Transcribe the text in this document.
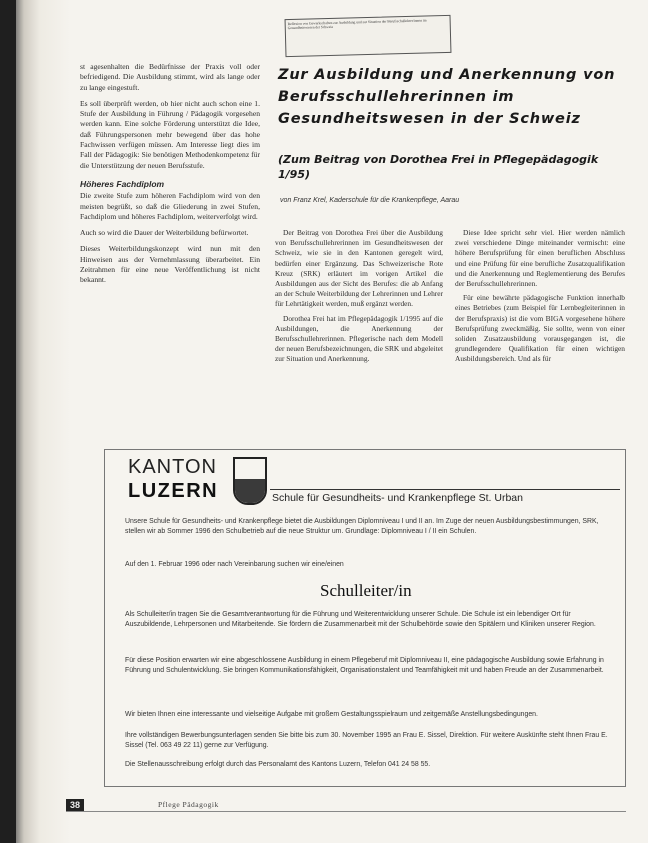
st agesenhalten die Bedürfnisse der Praxis voll oder befriedigend. Die Ausbildung stimmt, wird als lange oder zu lange eingestuft.

Es soll überprüft werden, ob hier nicht auch schon eine 1. Stufe der Ausbildung in Führung / Pädagogik vorgesehen werden kann. Eine solche Förderung unterstützt die Idee, daß Führungspersonen mehr bewegend über das hohe Fachwissen verfügen müssen. Am Interesse liegt dies im Fall der Pädagogik: Sie benötigen Methodenkompetenz für die Unterstützung der neuen Berufsstufe.

Höheres Fachdiplom

Die zweite Stufe zum höheren Fachdiplom wird von den meisten begrüßt, so daß die Gliederung in zwei Stufen, Fachdiplom und höheres Fachdiplom, weiterverfolgt wird.

Auch so wird die Dauer der Weiterbildung befürwortet.

Dieses Weiterbildungskonzept wird nun mit den Hinweisen aus der Vernehmlassung überarbeitet. Ein Zeitrahmen für eine neue Veröffentlichung ist nicht bekannt.

Reflexion von Gewerkschaften zur Ausbildung und zur Situation der Berufsschullehrer/innen im Gesundheitswesen der Schweiz
Zur Ausbildung und Anerkennung von Berufsschullehrerinnen im Gesundheitswesen in der Schweiz
(Zum Beitrag von Dorothea Frei in Pflegepädagogik 1/95)
von Franz Krel, Kaderschule für die Krankenpflege, Aarau

Der Beitrag von Dorothea Frei über die Ausbildung von Berufsschullehrerinnen im Gesundheitswesen der Schweiz, wie sie in den Kantonen geregelt wird, bedürfen einer Ergänzung. Das Schweizerische Rote Kreuz (SRK) erläutert im vorigen Artikel die Ausbildungen aus der Sicht des Berufes: die ab Anfang an der Schule Weiterbildung der Lehrerinnen und Lehrer für Lehrtätigkeit werden, muß ergänzt werden.

Dorothea Frei hat im Pflegepädagogik 1/1995 auf die Ausbildungen, die Anerkennung der Berufsschullehrerinnen. Pflegerische nach dem Modell der neuen Berufsbezeichnungen, die SRK und abgeleitet zur Situation und Anerkennung.

Diese Idee spricht sehr viel. Hier werden nämlich zwei verschiedene Dinge miteinander vermischt: eine höhere Berufsprüfung für einen beruflichen Abschluss und eine Prüfung für eine berufliche Zusatzqualifikation und die Anerkennung und Reglementierung des Berufes der Berufsschullehrerinnen.

Für eine bewährte pädagogische Funktion innerhalb eines Betriebes (zum Beispiel für Lernbegleiterinnen in der Berufspraxis) ist die vom BIGA vorgesehene höhere Berufsprüfung zweckmäßig. Sie sollte, wenn von einer soliden Zusatzausbildung vorausgegangen ist, die grundlegendere Qualifikation für einen wichtigen Ausbildungsbereich. Und als für

KANTON
LUZERN	Schule für Gesundheits- und Krankenpflege St. Urban
Unsere Schule für Gesundheits- und Krankenpflege bietet die Ausbildungen Diplomniveau I und II an. Im Zuge der neuen Ausbildungsbestimmungen, SRK, stellen wir ab Sommer 1996 den Schulbetrieb auf die neue Struktur um. Grundlage: Diplomniveau I / II ein Schulen.
Auf den 1. Februar 1996 oder nach Vereinbarung suchen wir eine/einen
Schulleiter/in
Als Schulleiter/in tragen Sie die Gesamtverantwortung für die Führung und Weiterentwicklung unserer Schule. Die Schule ist ein lebendiger Ort für Auszubildende, Lehrpersonen und Mitarbeitende. Sie fördern die Zusammenarbeit mit der Schulbehörde sowie den Spitälern und Kliniken unserer Region.
Für diese Position erwarten wir eine abgeschlossene Ausbildung in einem Pflegeberuf mit Diplomniveau II, eine pädagogische Ausbildung sowie Erfahrung in Führung und Schulentwicklung. Sie bringen Kommunikationsfähigkeit, Organisationstalent und Teamfähigkeit mit und haben Freude an der Zusammenarbeit.
Wir bieten Ihnen eine interessante und vielseitige Aufgabe mit großem Gestaltungsspielraum und zeitgemäße Anstellungsbedingungen.
Ihre vollständigen Bewerbungsunterlagen senden Sie bitte bis zum 30. November 1995 an Frau E. Sissel, Direktion. Für weitere Auskünfte steht Ihnen Frau E. Sissel (Tel. 063 49 22 11) gerne zur Verfügung.
Die Stellenausschreibung erfolgt durch das Personalamt des Kantons Luzern, Telefon 041 24 58 55.
38	Pflege Pädagogik
